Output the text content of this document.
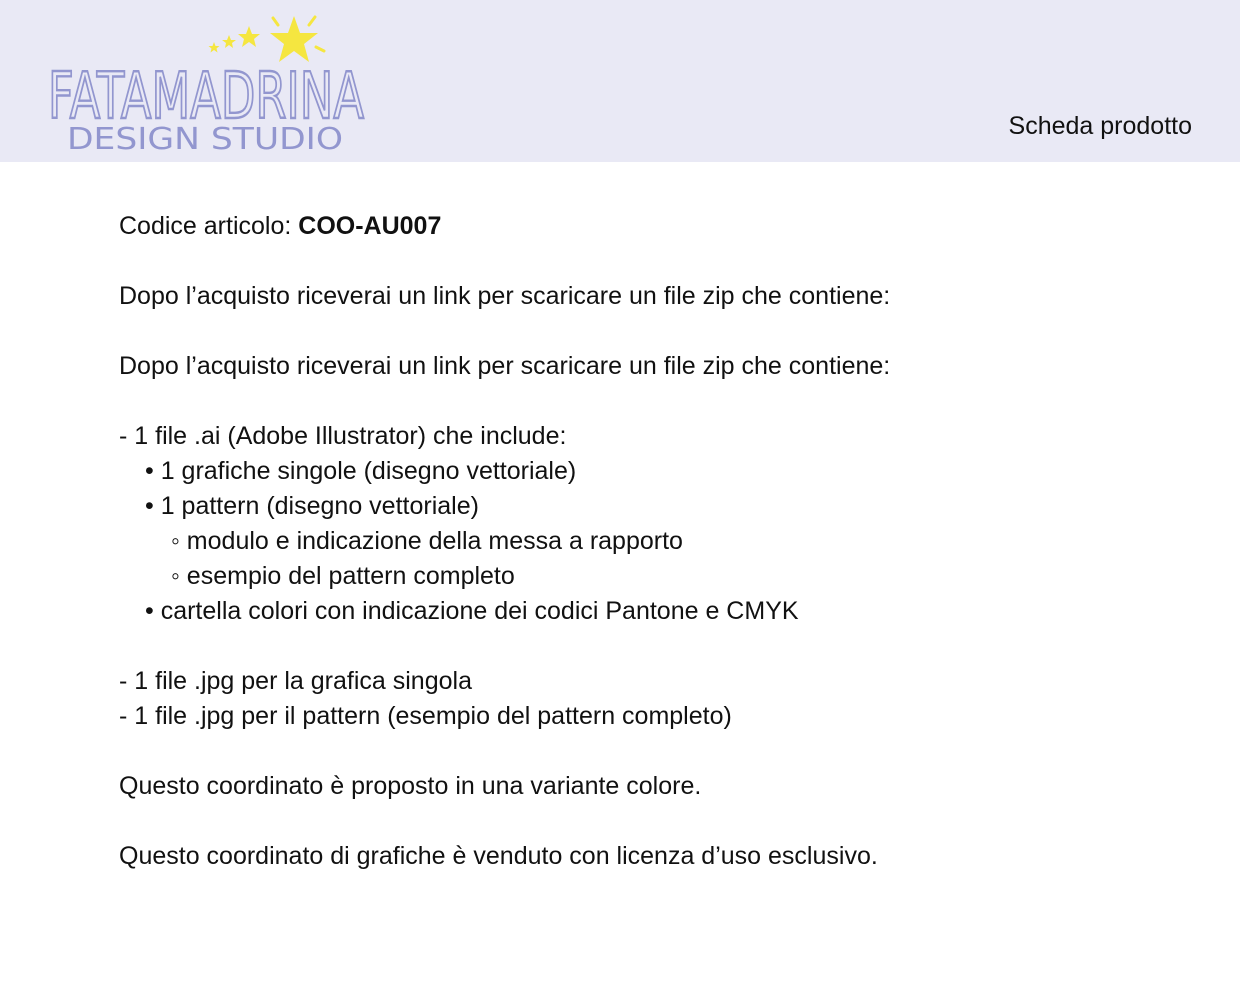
FATAMADRINA
DESIGN STUDIO	Scheda prodotto
Codice articolo: COO-AU007
Dopo l’acquisto riceverai un link per scaricare un file zip che contiene:
Dopo l’acquisto riceverai un link per scaricare un file zip che contiene:
- 1 file .ai (Adobe Illustrator) che include:
• 1 grafiche singole (disegno vettoriale)
• 1 pattern (disegno vettoriale)
◦ modulo e indicazione della messa a rapporto
◦ esempio del pattern completo
• cartella colori con indicazione dei codici Pantone e CMYK
- 1 file .jpg per la grafica singola
- 1 file .jpg per il pattern (esempio del pattern completo)
Questo coordinato è proposto in una variante colore.
Questo coordinato di grafiche è venduto con licenza d’uso esclusivo.
